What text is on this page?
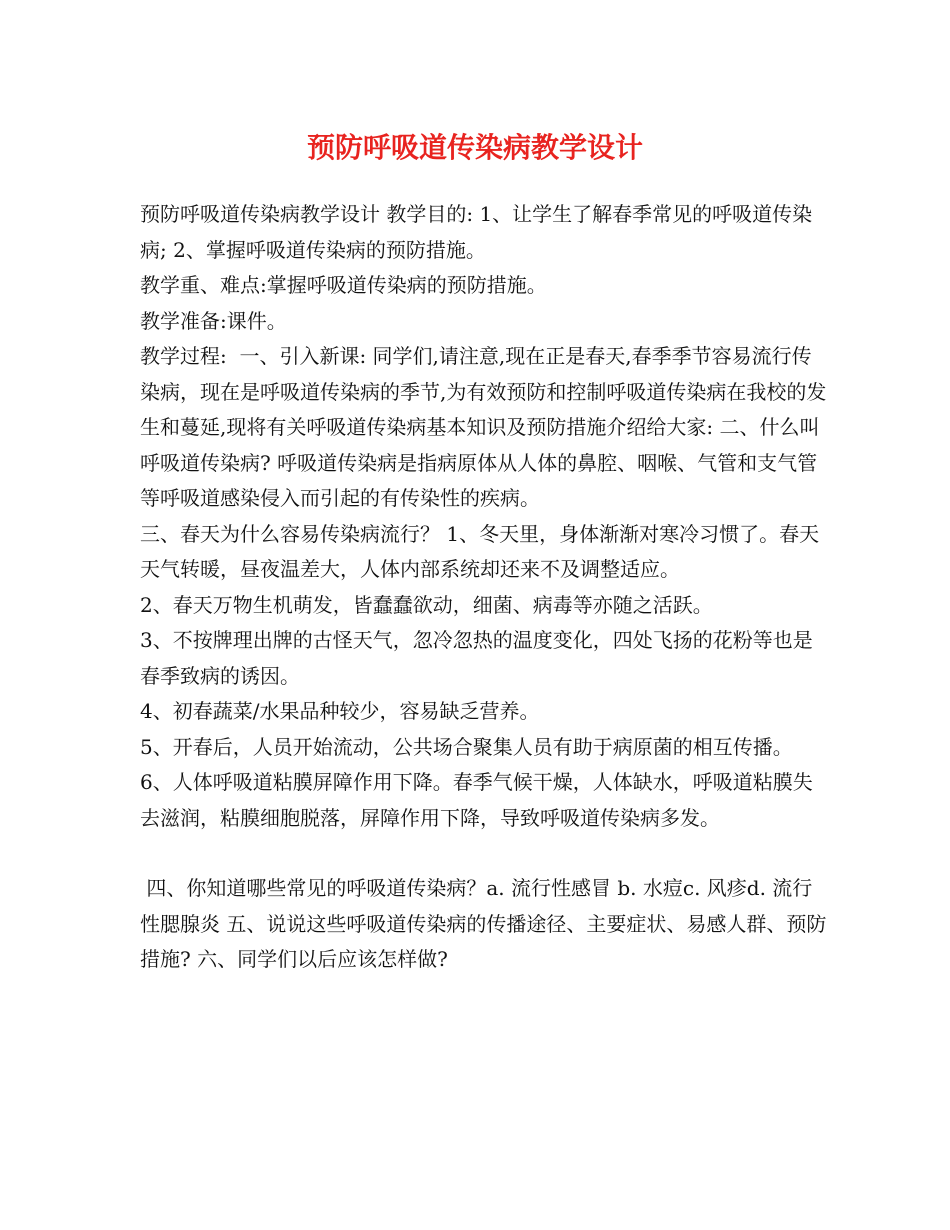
预防呼吸道传染病教学设计

预防呼吸道传染病教学设计 教学目的: 1、让学生了解春季常见的呼吸道传染病; 2、掌握呼吸道传染病的预防措施。

教学重、难点:掌握呼吸道传染病的预防措施。

教学准备:课件。

教学过程:  一、引入新课: 同学们,请注意,现在正是春天,春季季节容易流行传染病，现在是呼吸道传染病的季节,为有效预防和控制呼吸道传染病在我校的发生和蔓延,现将有关呼吸道传染病基本知识及预防措施介绍给大家: 二、什么叫呼吸道传染病? 呼吸道传染病是指病原体从人体的鼻腔、咽喉、气管和支气管等呼吸道感染侵入而引起的有传染性的疾病。

三、春天为什么容易传染病流行？ 1、冬天里，身体渐渐对寒冷习惯了。春天天气转暖，昼夜温差大，人体内部系统却还来不及调整适应。

2、春天万物生机萌发，皆蠢蠢欲动，细菌、病毒等亦随之活跃。

3、不按牌理出牌的古怪天气，忽冷忽热的温度变化，四处飞扬的花粉等也是春季致病的诱因。

4、初春蔬菜/水果品种较少，容易缺乏营养。

5、开春后，人员开始流动，公共场合聚集人员有助于病原菌的相互传播。

6、人体呼吸道粘膜屏障作用下降。春季气候干燥，人体缺水，呼吸道粘膜失去滋润，粘膜细胞脱落，屏障作用下降，导致呼吸道传染病多发。

四、你知道哪些常见的呼吸道传染病？a. 流行性感冒 b. 水痘c. 风疹d. 流行性腮腺炎 五、说说这些呼吸道传染病的传播途径、主要症状、易感人群、预防措施? 六、同学们以后应该怎样做?
